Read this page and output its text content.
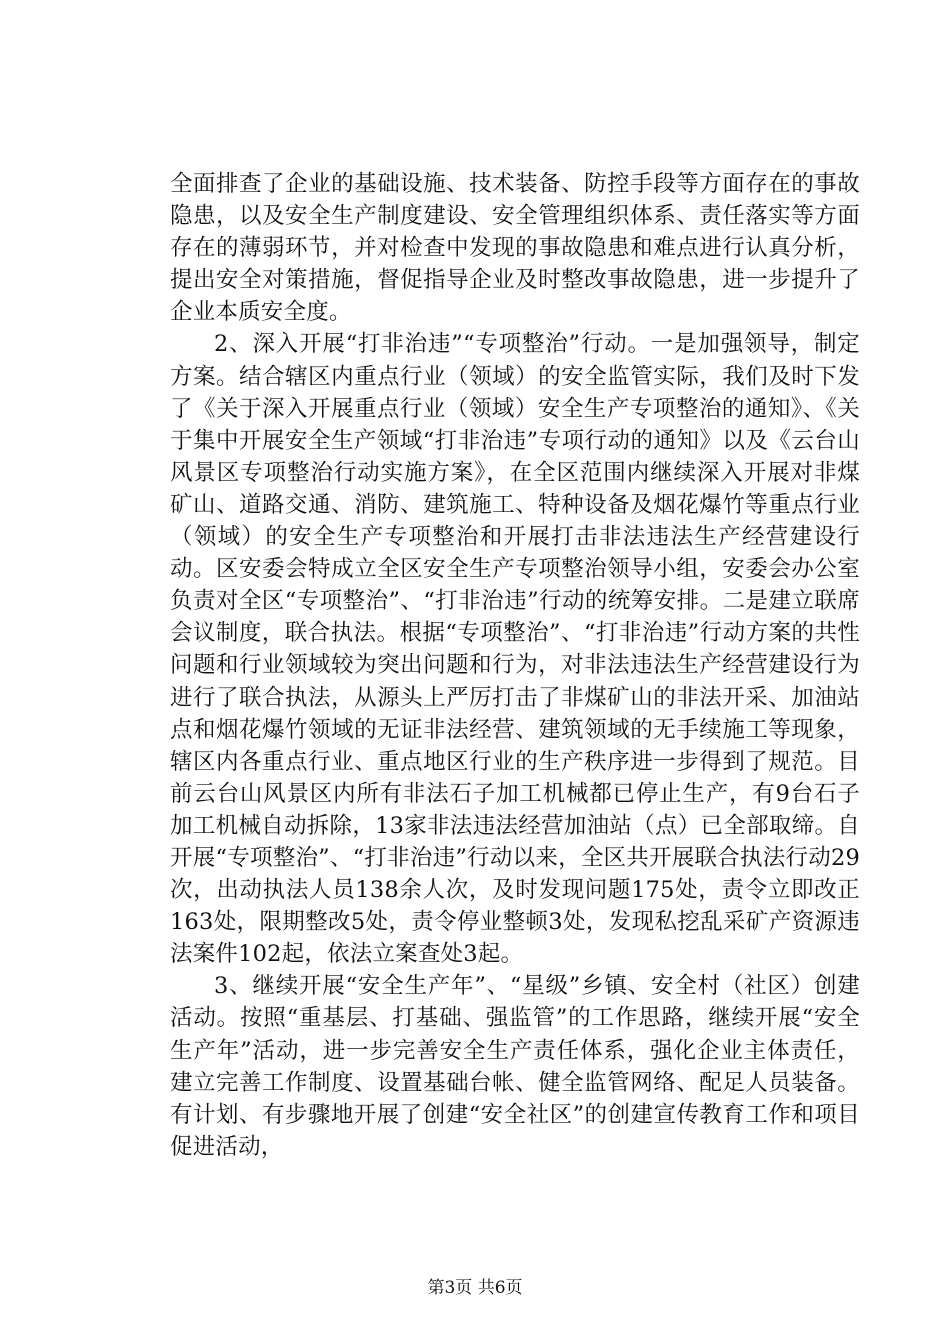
全面排查了企业的基础设施、技术装备、防控手段等方面存在的事故隐患，以及安全生产制度建设、安全管理组织体系、责任落实等方面存在的薄弱环节，并对检查中发现的事故隐患和难点进行认真分析，提出安全对策措施，督促指导企业及时整改事故隐患，进一步提升了企业本质安全度。

2、深入开展“打非治违”“专项整治”行动。一是加强领导，制定方案。结合辖区内重点行业（领域）的安全监管实际，我们及时下发了《关于深入开展重点行业（领域）安全生产专项整治的通知》、《关于集中开展安全生产领域“打非治违”专项行动的通知》以及《云台山风景区专项整治行动实施方案》，在全区范围内继续深入开展对非煤矿山、道路交通、消防、建筑施工、特种设备及烟花爆竹等重点行业（领域）的安全生产专项整治和开展打击非法违法生产经营建设行动。区安委会特成立全区安全生产专项整治领导小组，安委会办公室负责对全区“专项整治”、“打非治违”行动的统筹安排。二是建立联席会议制度，联合执法。根据“专项整治”、“打非治违”行动方案的共性问题和行业领域较为突出问题和行为，对非法违法生产经营建设行为进行了联合执法，从源头上严厉打击了非煤矿山的非法开采、加油站点和烟花爆竹领域的无证非法经营、建筑领域的无手续施工等现象，辖区内各重点行业、重点地区行业的生产秩序进一步得到了规范。目前云台山风景区内所有非法石子加工机械都已停止生产，有9台石子加工机械自动拆除，13家非法违法经营加油站（点）已全部取缔。自开展“专项整治”、“打非治违”行动以来，全区共开展联合执法行动29次，出动执法人员138余人次，及时发现问题175处，责令立即改正163处，限期整改5处，责令停业整顿3处，发现私挖乱采矿产资源违法案件102起，依法立案查处3起。

3、继续开展“安全生产年”、“星级”乡镇、安全村（社区）创建活动。按照“重基层、打基础、强监管”的工作思路，继续开展“安全生产年”活动，进一步完善安全生产责任体系，强化企业主体责任，建立完善工作制度、设置基础台帐、健全监管网络、配足人员装备。有计划、有步骤地开展了创建“安全社区”的创建宣传教育工作和项目促进活动，

第3页 共6页
